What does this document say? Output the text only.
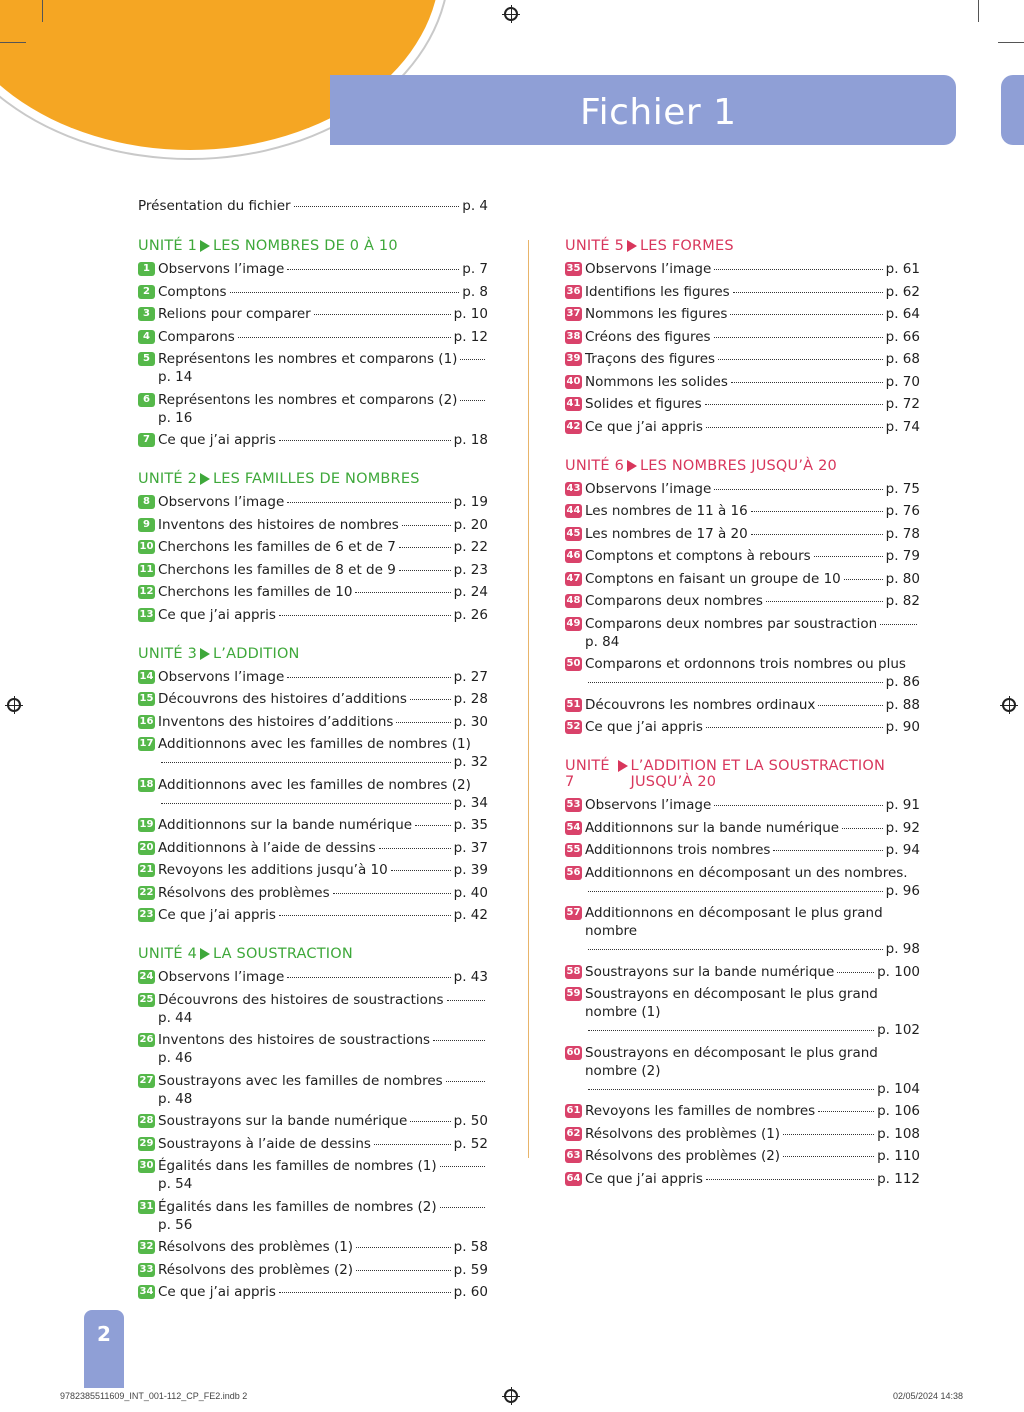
Fichier 1
Présentation du fichier	p. 4
UNITÉ 1 LES NOMBRES DE 0 À 10
1 Observons l’image	p. 7
2 Comptons	p. 8
3 Relions pour comparer	p. 10
4 Comparons	p. 12
5 Représentons les nombres et comparons (1)
p. 14
6 Représentons les nombres et comparons (2)
p. 16
7 Ce que j’ai appris	p. 18
UNITÉ 2 LES FAMILLES DE NOMBRES
8 Observons l’image	p. 19
9 Inventons des histoires de nombres	p. 20
10 Cherchons les familles de 6 et de 7	p. 22
11 Cherchons les familles de 8 et de 9	p. 23
12 Cherchons les familles de 10	p. 24
13 Ce que j’ai appris	p. 26
UNITÉ 3 L’ADDITION
14 Observons l’image	p. 27
15 Découvrons des histoires d’additions	p. 28
16 Inventons des histoires d’additions	p. 30
17 Additionnons avec les familles de nombres (1)
p. 32
18 Additionnons avec les familles de nombres (2)
p. 34
19 Additionnons sur la bande numérique	p. 35
20 Additionnons à l’aide de dessins	p. 37
21 Revoyons les additions jusqu’à 10	p. 39
22 Résolvons des problèmes	p. 40
23 Ce que j’ai appris	p. 42
UNITÉ 4 LA SOUSTRACTION
24 Observons l’image	p. 43
25 Découvrons des histoires de soustractions
p. 44
26 Inventons des histoires de soustractions
p. 46
27 Soustrayons avec les familles de nombres
p. 48
28 Soustrayons sur la bande numérique	p. 50
29 Soustrayons à l’aide de dessins	p. 52
30 Égalités dans les familles de nombres (1)
p. 54
31 Égalités dans les familles de nombres (2)
p. 56
32 Résolvons des problèmes (1)	p. 58
33 Résolvons des problèmes (2)	p. 59
34 Ce que j’ai appris	p. 60
UNITÉ 5 LES FORMES
35 Observons l’image	p. 61
36 Identifions les figures	p. 62
37 Nommons les figures	p. 64
38 Créons des figures	p. 66
39 Traçons des figures	p. 68
40 Nommons les solides	p. 70
41 Solides et figures	p. 72
42 Ce que j’ai appris	p. 74
UNITÉ 6 LES NOMBRES JUSQU’À 20
43 Observons l’image	p. 75
44 Les nombres de 11 à 16	p. 76
45 Les nombres de 17 à 20	p. 78
46 Comptons et comptons à rebours	p. 79
47 Comptons en faisant un groupe de 10	p. 80
48 Comparons deux nombres	p. 82
49 Comparons deux nombres par soustraction
p. 84
50 Comparons et ordonnons trois nombres ou plus
p. 86
51 Découvrons les nombres ordinaux	p. 88
52 Ce que j’ai appris	p. 90
UNITÉ 7
L’ADDITION ET LA SOUSTRACTION JUSQU’À 20
53 Observons l’image	p. 91
54 Additionnons sur la bande numérique	p. 92
55 Additionnons trois nombres	p. 94
56 Additionnons en décomposant un des nombres.
p. 96
57 Additionnons en décomposant le plus grand nombre
p. 98
58 Soustrayons sur la bande numérique	p. 100
59 Soustrayons en décomposant le plus grand nombre (1)
p. 102
60 Soustrayons en décomposant le plus grand nombre (2)
p. 104
61 Revoyons les familles de nombres	p. 106
62 Résolvons des problèmes (1)	p. 108
63 Résolvons des problèmes (2)	p. 110
64 Ce que j’ai appris	p. 112
2
9782385511609_INT_001-112_CP_FE2.indb 2	02/05/2024 14:38
